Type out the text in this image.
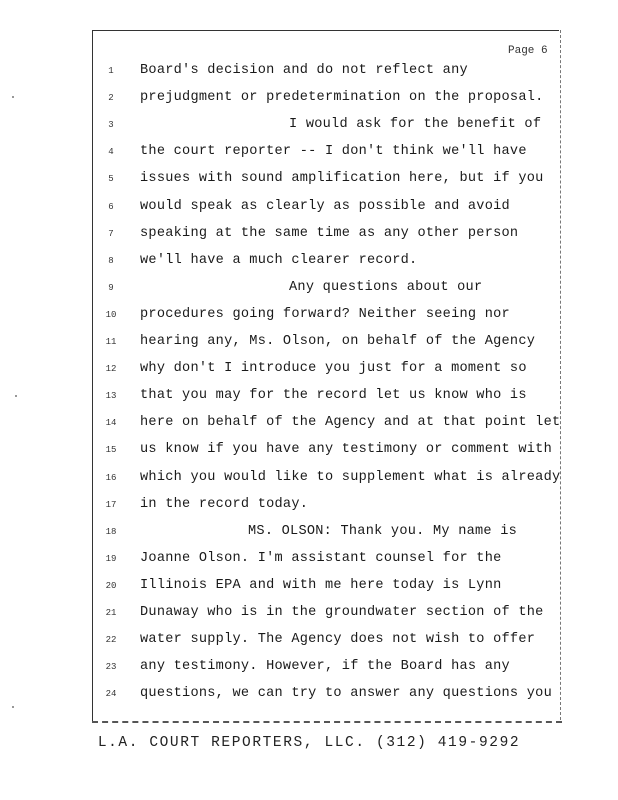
Page 6
1	Board's decision and do not reflect any
2	prejudgment or predetermination on the proposal.
3	I would ask for the benefit of
4	the court reporter -- I don't think we'll have
5	issues with sound amplification here, but if you
6	would speak as clearly as possible and avoid
7	speaking at the same time as any other person
8	we'll have a much clearer record.
9	Any questions about our
10	procedures going forward? Neither seeing nor
11	hearing any, Ms. Olson, on behalf of the Agency
12	why don't I introduce you just for a moment so
13	that you may for the record let us know who is
14	here on behalf of the Agency and at that point let
15	us know if you have any testimony or comment with
16	which you would like to supplement what is already
17	in the record today.
18	MS. OLSON: Thank you. My name is
19	Joanne Olson. I'm assistant counsel for the
20	Illinois EPA and with me here today is Lynn
21	Dunaway who is in the groundwater section of the
22	water supply. The Agency does not wish to offer
23	any testimony. However, if the Board has any
24	questions, we can try to answer any questions you
L.A. COURT REPORTERS, LLC. (312) 419-9292
